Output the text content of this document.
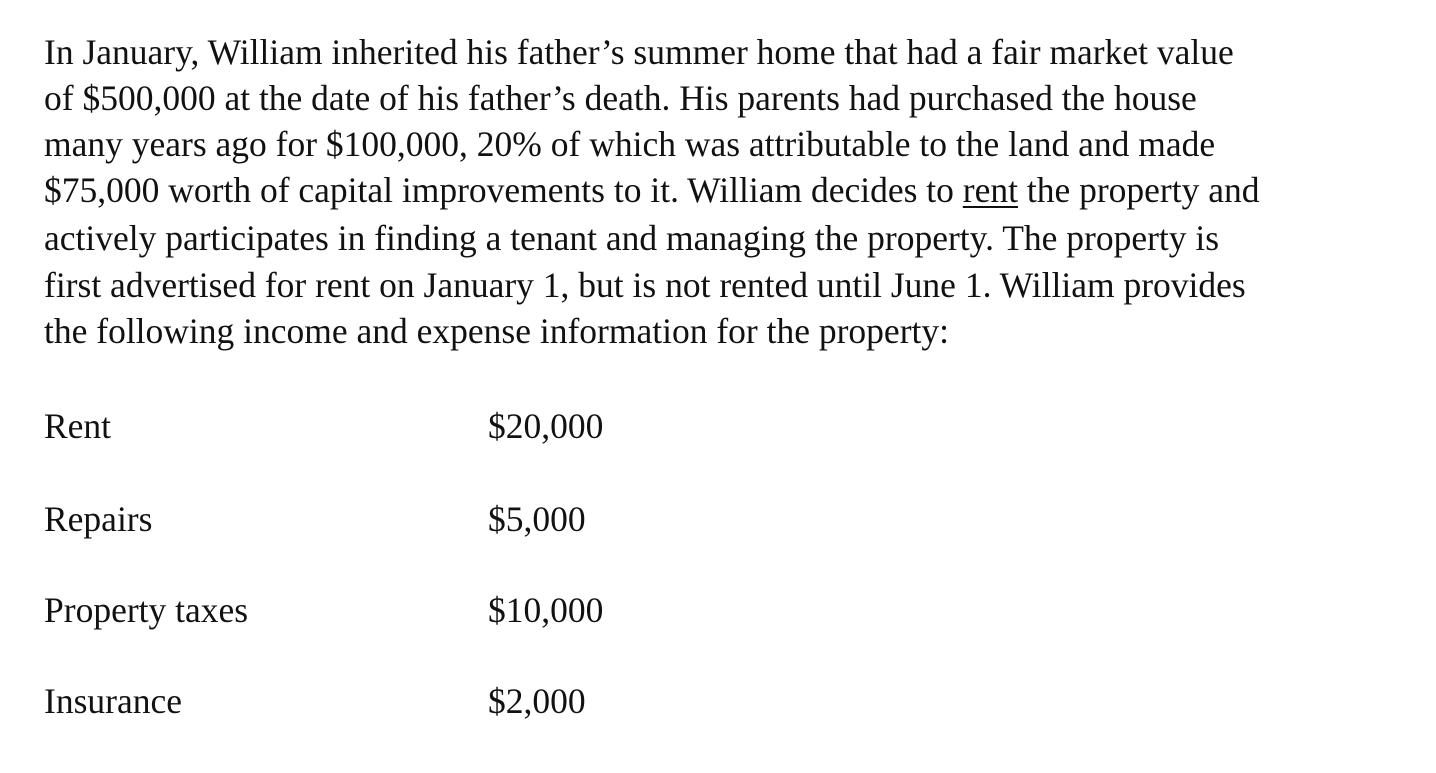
In January, William inherited his father’s summer home that had a fair market value
of $500,000 at the date of his father’s death. His parents had purchased the house
many years ago for $100,000, 20% of which was attributable to the land and made
$75,000 worth of capital improvements to it. William decides to rent the property and
actively participates in finding a tenant and managing the property. The property is
first advertised for rent on January 1, but is not rented until June 1. William provides
the following income and expense information for the property:
Rent	$20,000
Repairs	$5,000
Property taxes	$10,000
Insurance	$2,000
